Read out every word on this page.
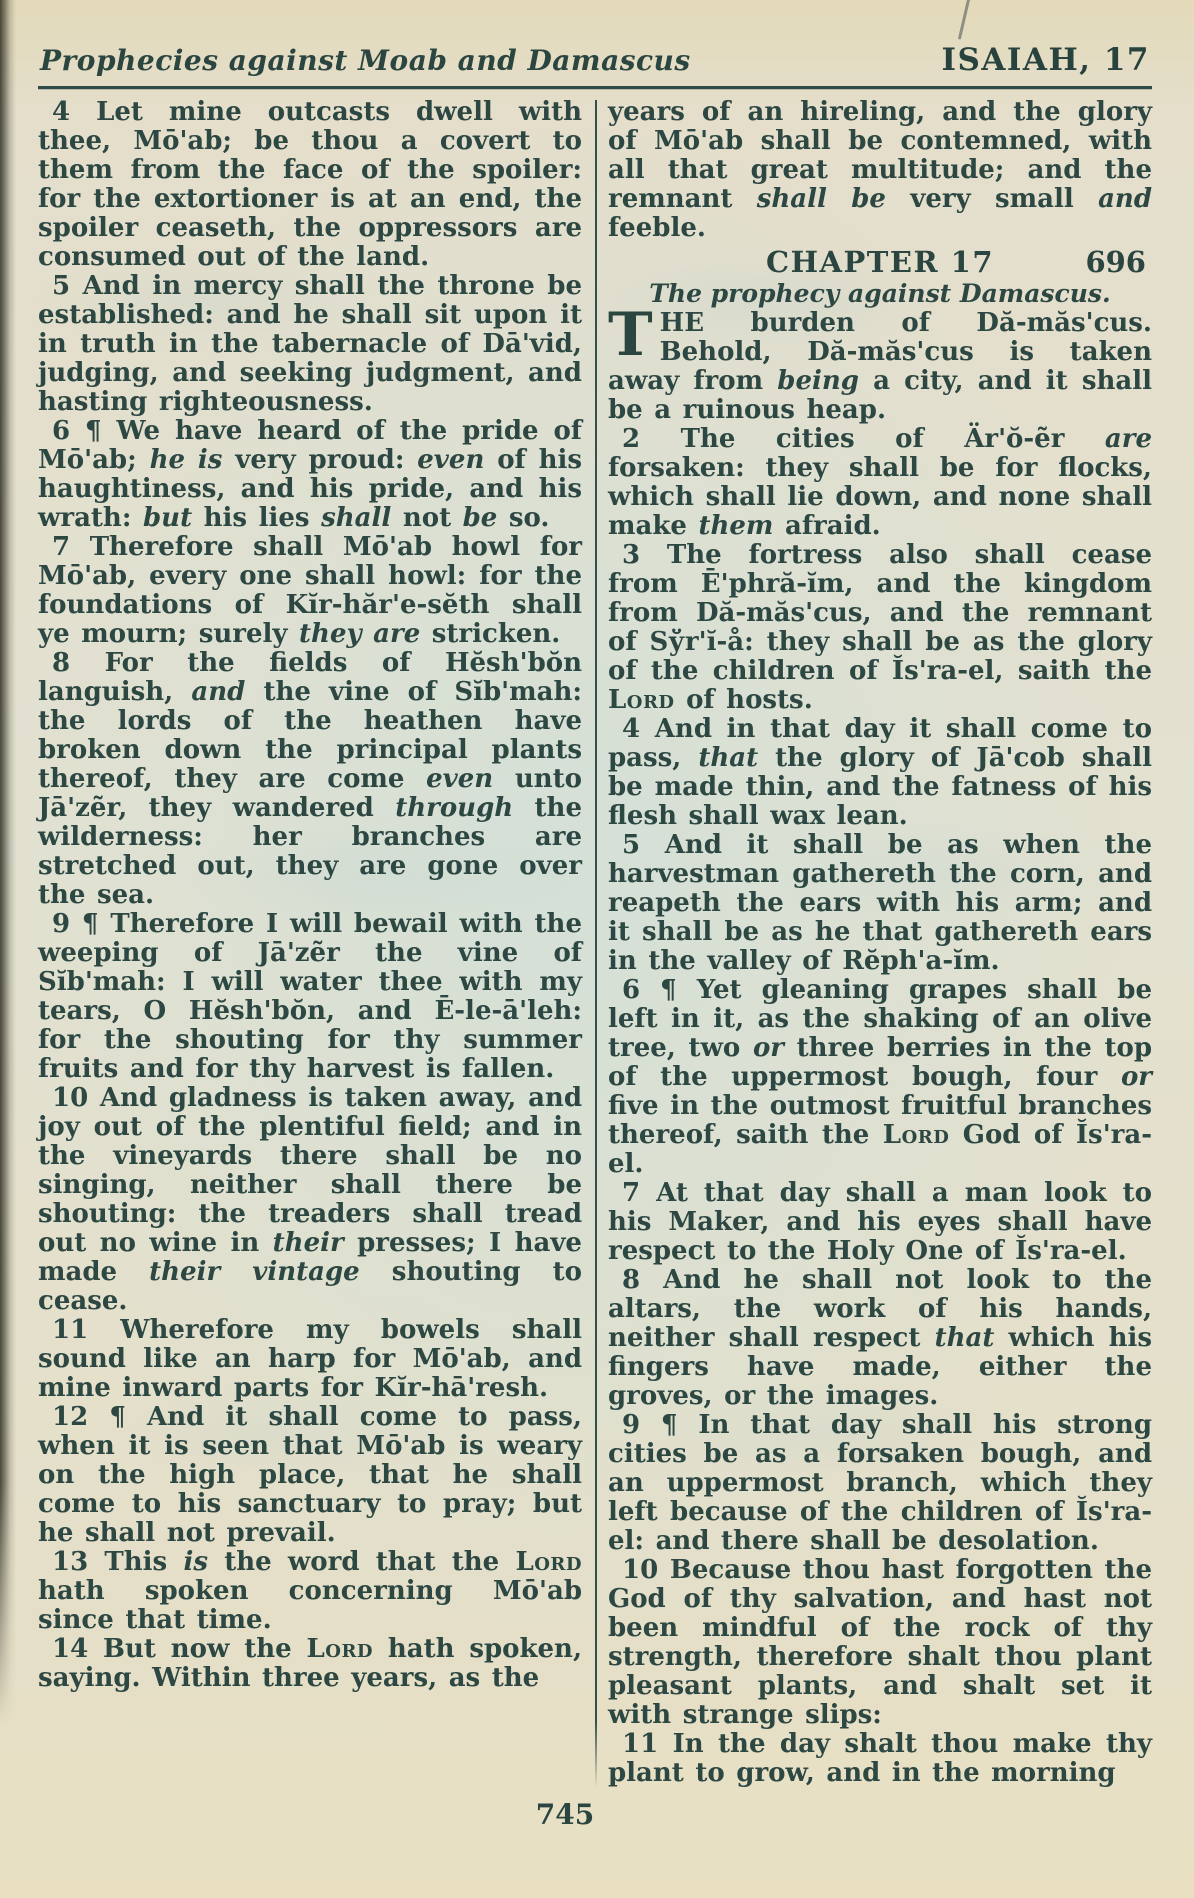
Prophecies against Moab and Damascus	ISAIAH, 17

4 Let mine outcasts dwell with thee, Mō'ab; be thou a covert to them from the face of the spoiler: for the extortioner is at an end, the spoiler ceaseth, the oppressors are consumed out of the land.

5 And in mercy shall the throne be established: and he shall sit upon it in truth in the tabernacle of Dā'vid, judging, and seeking judgment, and hasting righteousness.

6 ¶ We have heard of the pride of Mō'ab; he is very proud: even of his haughtiness, and his pride, and his wrath: but his lies shall not be so.

7 Therefore shall Mō'ab howl for Mō'ab, every one shall howl: for the foundations of Kĭr-hăr'e-sĕth shall ye mourn; surely they are stricken.

8 For the fields of Hĕsh'bŏn languish, and the vine of Sĭb'mah: the lords of the heathen have broken down the principal plants thereof, they are come even unto Jā'zẽr, they wandered through the wilderness: her branches are stretched out, they are gone over the sea.

9 ¶ Therefore I will bewail with the weeping of Jā'zẽr the vine of Sĭb'mah: I will water thee with my tears, O Hĕsh'bŏn, and Ē-le-ā'leh: for the shouting for thy summer fruits and for thy harvest is fallen.

10 And gladness is taken away, and joy out of the plentiful field; and in the vineyards there shall be no singing, neither shall there be shouting: the treaders shall tread out no wine in their presses; I have made their vintage shouting to cease.

11 Wherefore my bowels shall sound like an harp for Mō'ab, and mine inward parts for Kĭr-hā'resh.

12 ¶ And it shall come to pass, when it is seen that Mō'ab is weary on the high place, that he shall come to his sanctuary to pray; but he shall not prevail.

13 This is the word that the Lord hath spoken concerning Mō'ab since that time.

14 But now the Lord hath spoken, saying. Within three years, as the

years of an hireling, and the glory of Mō'ab shall be contemned, with all that great multitude; and the remnant shall be very small and feeble.

CHAPTER 17	696
The prophecy against Damascus.

THE burden of Dă-măs'cus. Behold, Dă-măs'cus is taken away from being a city, and it shall be a ruinous heap.

2 The cities of Är'ŏ-ẽr are forsaken: they shall be for flocks, which shall lie down, and none shall make them afraid.

3 The fortress also shall cease from Ē'phră-ĭm, and the kingdom from Dă-măs'cus, and the remnant of Sўr'ĭ-å: they shall be as the glory of the children of Ĭs'ra-el, saith the Lord of hosts.

4 And in that day it shall come to pass, that the glory of Jā'cob shall be made thin, and the fatness of his flesh shall wax lean.

5 And it shall be as when the harvestman gathereth the corn, and reapeth the ears with his arm; and it shall be as he that gathereth ears in the valley of Rĕph'a-ĭm.

6 ¶ Yet gleaning grapes shall be left in it, as the shaking of an olive tree, two or three berries in the top of the uppermost bough, four or five in the outmost fruitful branches thereof, saith the Lord God of Ĭs'ra-el.

7 At that day shall a man look to his Maker, and his eyes shall have respect to the Holy One of Ĭs'ra-el.

8 And he shall not look to the altars, the work of his hands, neither shall respect that which his fingers have made, either the groves, or the images.

9 ¶ In that day shall his strong cities be as a forsaken bough, and an uppermost branch, which they left because of the children of Ĭs'ra-el: and there shall be desolation.

10 Because thou hast forgotten the God of thy salvation, and hast not been mindful of the rock of thy strength, therefore shalt thou plant pleasant plants, and shalt set it with strange slips:

11 In the day shalt thou make thy plant to grow, and in the morning

745
